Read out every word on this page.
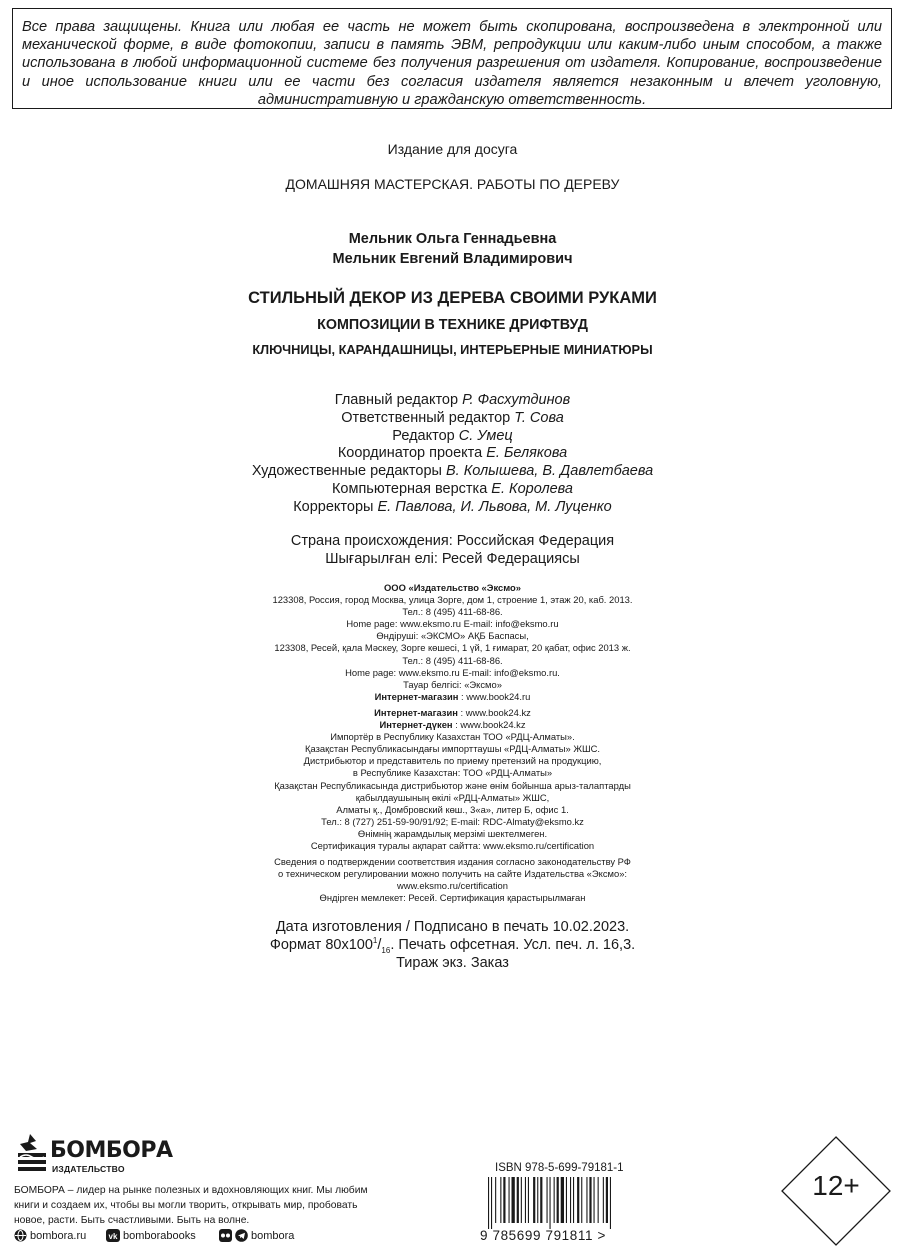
Все права защищены. Книга или любая ее часть не может быть скопирована, воспроизведена в электронной или механической форме, в виде фотокопии, записи в память ЭВМ, репродукции или каким-либо иным способом, а также использована в любой информационной системе без получения разрешения от издателя. Копирование, воспроизведение и иное использование книги или ее части без согласия издателя является незаконным и влечет уголовную, административную и гражданскую ответственность.
Издание для досуга
ДОМАШНЯЯ МАСТЕРСКАЯ. РАБОТЫ ПО ДЕРЕВУ
Мельник Ольга Геннадьевна
Мельник Евгений Владимирович
СТИЛЬНЫЙ ДЕКОР ИЗ ДЕРЕВА СВОИМИ РУКАМИ
КОМПОЗИЦИИ В ТЕХНИКЕ ДРИФТВУД
КЛЮЧНИЦЫ, КАРАНДАШНИЦЫ, ИНТЕРЬЕРНЫЕ МИНИАТЮРЫ
Главный редактор Р. Фасхутдинов
Ответственный редактор Т. Сова
Редактор С. Умец
Координатор проекта Е. Белякова
Художественные редакторы В. Колышева, В. Давлетбаева
Компьютерная верстка Е. Королева
Корректоры Е. Павлова, И. Львова, М. Луценко
Страна происхождения: Российская Федерация
Шығарылған елі: Ресей Федерациясы
ООО «Издательство «Эксмо»
123308, Россия, город Москва, улица Зорге, дом 1, строение 1, этаж 20, каб. 2013.
Тел.: 8 (495) 411-68-86.
Home page: www.eksmo.ru E-mail: info@eksmo.ru
Өндіруші: «ЭКСМО» АҚБ Баспасы,
123308, Ресей, қала Мәскеу, Зорге көшесі, 1 үй, 1 ғимарат, 20 қабат, офис 2013 ж.
Тел.: 8 (495) 411-68-86.
Home page: www.eksmo.ru E-mail: info@eksmo.ru.
Тауар белгісі: «Эксмо»
Интернет-магазин : www.book24.ru
Интернет-магазин : www.book24.kz
Интернет-дүкен : www.book24.kz
Импортёр в Республику Казахстан ТОО «РДЦ-Алматы».
Қазақстан Республикасындағы импорттаушы «РДЦ-Алматы» ЖШС.
Дистрибьютор и представитель по приему претензий на продукцию,
в Республике Казахстан: ТОО «РДЦ-Алматы»
Қазақстан Республикасында дистрибьютор және өнім бойынша арыз-талаптарды
қабылдаушының өкілі «РДЦ-Алматы» ЖШС,
Алматы қ., Домбровский көш., 3«а», литер Б, офис 1.
Тел.: 8 (727) 251-59-90/91/92; E-mail: RDC-Almaty@eksmo.kz
Өнімнің жарамдылық мерзімі шектелмеген.
Сертификация туралы ақпарат сайтта: www.eksmo.ru/certification
Сведения о подтверждении соответствия издания согласно законодательству РФ
о техническом регулировании можно получить на сайте Издательства «Эксмо»:
www.eksmo.ru/certification
Өндірген мемлекет: Ресей. Сертификация қарастырылмаған
Дата изготовления / Подписано в печать 10.02.2023.
Формат $80х100^1/_{16}$. Печать офсетная. Усл. печ. л. 16,3.
Тираж экз. Заказ
БОМБОРА
ИЗДАТЕЛЬСТВО
БОМБОРА – лидер на рынке полезных и вдохновляющих книг. Мы любим книги и создаем их, чтобы вы могли творить, открывать мир, пробовать новое, расти. Быть счастливыми. Быть на волне.
bombora.ru	vk bomborabooks	bombora
ISBN 978-5-699-79181-1
9 785699 791811 >
12+
